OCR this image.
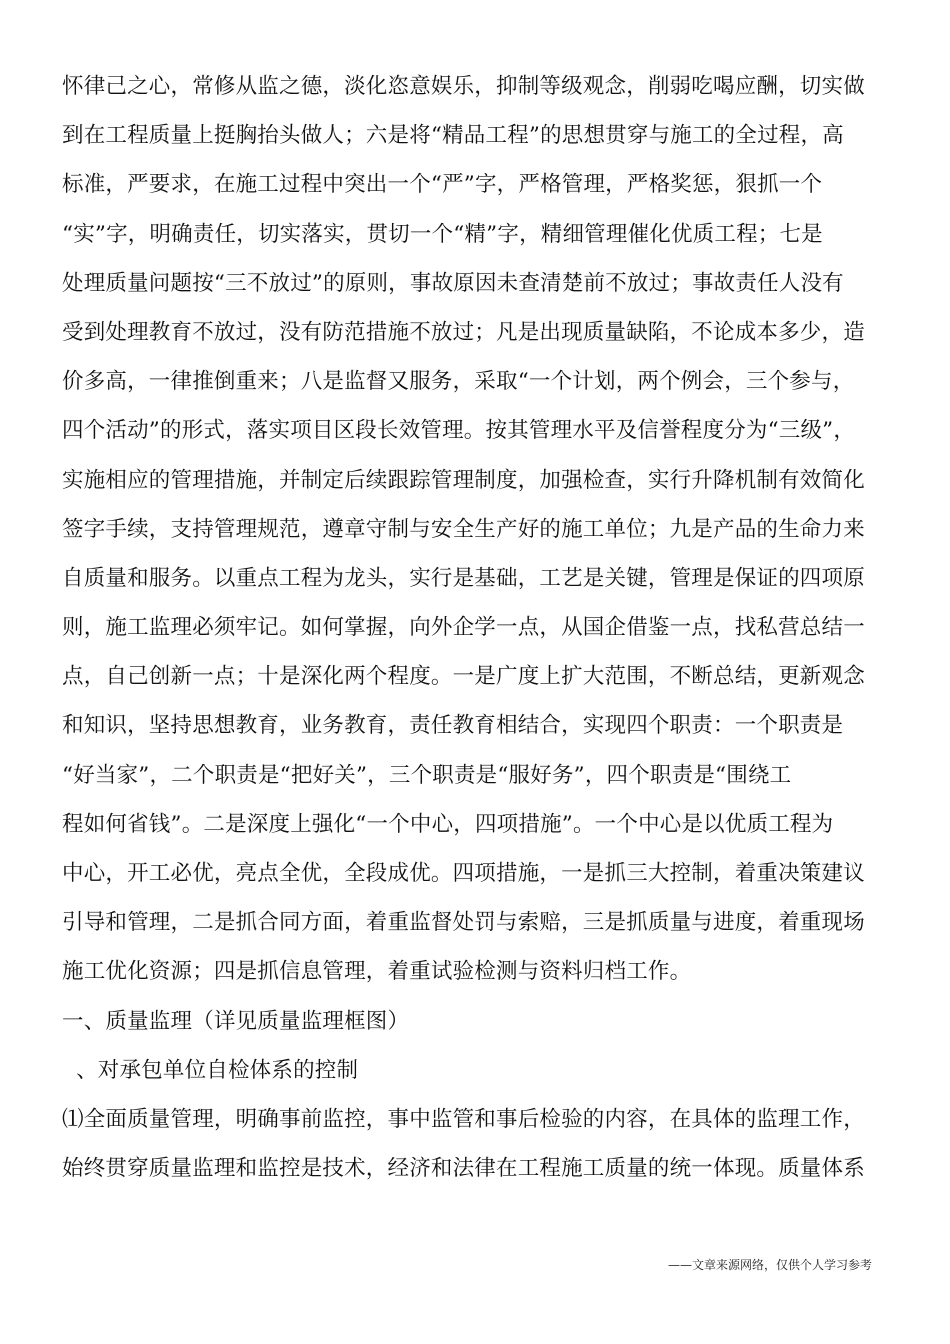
怀律己之心，常修从监之德，淡化恣意娱乐，抑制等级观念，削弱吃喝应酬，切实做
到在工程质量上挺胸抬头做人；六是将“精品工程”的思想贯穿与施工的全过程，高
标准，严要求，在施工过程中突出一个“严”字，严格管理，严格奖惩，狠抓一个
“实”字，明确责任，切实落实，贯切一个“精”字，精细管理催化优质工程；七是
处理质量问题按“三不放过”的原则，事故原因未查清楚前不放过；事故责任人没有
受到处理教育不放过，没有防范措施不放过；凡是出现质量缺陷，不论成本多少，造
价多高，一律推倒重来；八是监督又服务，采取“一个计划，两个例会，三个参与，
四个活动”的形式，落实项目区段长效管理。按其管理水平及信誉程度分为“三级”，
实施相应的管理措施，并制定后续跟踪管理制度，加强检查，实行升降机制有效简化
签字手续，支持管理规范，遵章守制与安全生产好的施工单位；九是产品的生命力来
自质量和服务。以重点工程为龙头，实行是基础，工艺是关键，管理是保证的四项原
则，施工监理必须牢记。如何掌握，向外企学一点，从国企借鉴一点，找私营总结一
点，自己创新一点；十是深化两个程度。一是广度上扩大范围，不断总结，更新观念
和知识，坚持思想教育，业务教育，责任教育相结合，实现四个职责：一个职责是
“好当家”，二个职责是“把好关”，三个职责是“服好务”，四个职责是“围绕工
程如何省钱”。二是深度上强化“一个中心，四项措施”。一个中心是以优质工程为
中心，开工必优，亮点全优，全段成优。四项措施，一是抓三大控制，着重决策建议
引导和管理，二是抓合同方面，着重监督处罚与索赔，三是抓质量与进度，着重现场
施工优化资源；四是抓信息管理，着重试验检测与资料归档工作。
一、质量监理（详见质量监理框图）
、对承包单位自检体系的控制
⑴全面质量管理，明确事前监控，事中监管和事后检验的内容，在具体的监理工作，
始终贯穿质量监理和监控是技术，经济和法律在工程施工质量的统一体现。质量体系
——文章来源网络，仅供个人学习参考
